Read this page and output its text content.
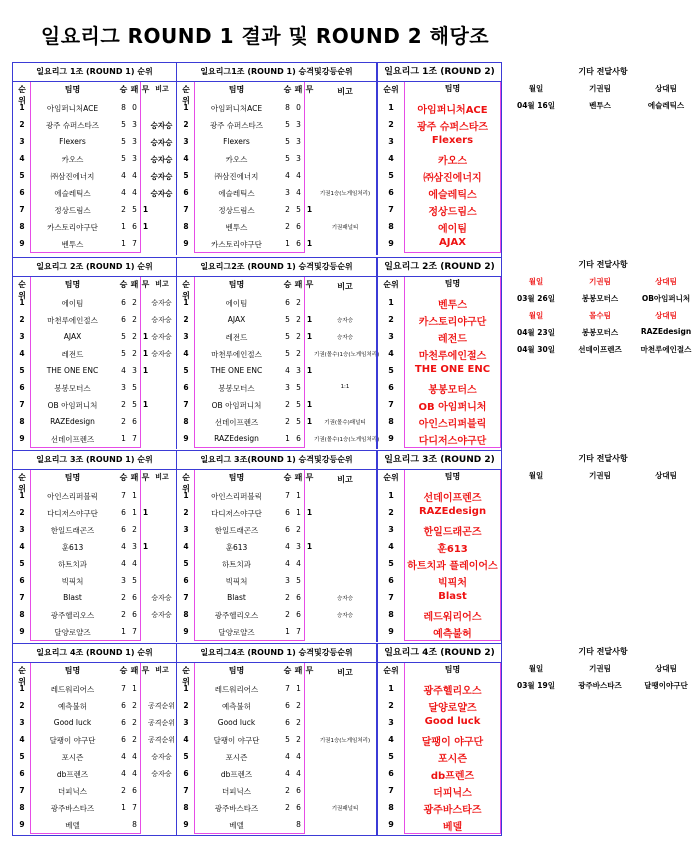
일요리그 ROUND 1 결과 및 ROUND 2 해당조
일요리그 1조 (ROUND 1) 순위
순위
팀명	승 패 무 비고
1	아임퍼니처ACE	8 0
2	광주 슈퍼스타즈	5 3	승자승
3	Flexers	5 3	승자승
4	카오스	5 3	승자승
5	㈜삼진에너지	4 4	승자승
6	에슬레틱스	4 4	승자승
7	정상드림스	2 5 1
8	카스토리야구단	1 6 1
9	벤투스	1 7
일요리그1조 (ROUND 1) 승격및강등순위
순위
팀명	승 패 무	비고
1	아임퍼니처ACE	8 0
2	광주 슈퍼스타즈	5 3
3	Flexers	5 3
4	카오스	5 3
5	㈜삼진에너지	4 4
6	에슬레틱스	3 4	기권1승(노게임처리)
7	정상드림스	2 5 1
8	벤투스	2 6	기권패널티
9	카스토리야구단	1 6 1
일요리그 1조 (ROUND 2)
순위	팀명
1	아임퍼니처ACE
2	광주 슈퍼스타즈
3	Flexers
4	카오스
5	㈜삼진에너지
6	에슬레틱스
7	정상드림스
8	에이팀
9	AJAX
일요리그 2조 (ROUND 1) 순위
순위
팀명	승 패 무 비고
1	에이팀	6 2	승자승
2	마천루에인절스	6 2	승자승
3	AJAX	5 2 1 승자승
4	레전드	5 2 1 승자승
5	THE ONE ENC	4 3 1
6	봉봉모터스	3 5
7	OB 아임퍼니처	2 5 1
8	RAZEdesign	2 6
9	선데이프렌즈	1 7
일요리그2조 (ROUND 1) 승격및강등순위
순위
팀명	승 패 무	비고
1	에이팀	6 2
2	AJAX	5 2 1	승자승
3	레전드	5 2 1	승자승
4	마천루에인절스	5 2	기권(몰수)1승(노게임처리)
5	THE ONE ENC	4 3 1
6	봉봉모터스	3 5	1:1
7	OB 아임퍼니처	2 5 1
8	선데이프렌즈	2 5 1	기권(몰수)패널티
9	RAZEdesign	1 6	기권(몰수)1승(노게임처리)
일요리그 2조 (ROUND 2)
순위	팀명
1	벤투스
2	카스토리야구단
3	레전드
4	마천루에인절스
5	THE ONE ENC
6	봉봉모터스
7	OB 아임퍼니처
8	아인스리퍼블릭
9	다디저스야구단
일요리그 3조 (ROUND 1) 순위
순위
팀명	승 패 무 비고
1	아인스리퍼블릭	7 1
2	다디저스야구단	6 1 1
3	한일드래곤즈	6 2
4	훈613	4 3 1
5	하트치과	4 4
6	빅픽처	3 5
7	Blast	2 6	승자승
8	광주헬리오스	2 6	승자승
9	달양로얄즈	1 7
일요리그 3조(ROUND 1) 승격및강등순위
순위
팀명	승 패 무	비고
1	아인스리퍼블릭	7 1
2	다디저스야구단	6 1 1
3	한일드래곤즈	6 2
4	훈613	4 3 1
5	하트치과	4 4
6	빅픽처	3 5
7	Blast	2 6	승자승
8	광주헬리오스	2 6	승자승
9	달양로얄즈	1 7
일요리그 3조 (ROUND 2)
순위	팀명
1	선데이프렌즈
2	RAZEdesign
3	한일드래곤즈
4	훈613
5	하트치과 플레이어스
6	빅픽처
7	Blast
8	레드워리어스
9	예측불허
일요리그 4조 (ROUND 1) 순위
순위
팀명	승 패 무 비고
1	레드워리어스	7 1
2	예측불허	6 2	공격순위
3	Good luck	6 2	공격순위
4	달팽이 야구단	6 2	공격순위
5	포시즌	4 4	승자승
6	db프렌즈	4 4	승자승
7	더피닉스	2 6
8	광주바스타즈	1 7
9	베델	8
일요리그4조 (ROUND 1) 승격및강등순위
순위
팀명	승 패 무	비고
1	레드워리어스	7 1
2	예측불허	6 2
3	Good luck	6 2
4	달팽이 야구단	5 2	기권1승(노게임처리)
5	포시즌	4 4
6	db프렌즈	4 4
7	더피닉스	2 6
8	광주바스타즈	2 6	기권패널티
9	베델	8
일요리그 4조 (ROUND 2)
순위	팀명
1	광주헬리오스
2	달양로얄즈
3	Good luck
4	달팽이 야구단
5	포시즌
6	db프렌즈
7	더피닉스
8	광주바스타즈
9	베델
기타 전달사항
월일	기권팀	상대팀
04월 16일	벤투스	에슬레틱스
기타 전달사항
월일	기권팀	상대팀
03월 26일	봉봉모터스	OB아임퍼니처
월일	몰수팀	상대팀
04월 23일	봉봉모터스	RAZEdesign
04월 30일	선데이프렌즈	마천루에인절스
기타 전달사항
월일	기권팀	상대팀
기타 전달사항
월일	기권팀	상대팀
03월 19일	광주바스타즈	달팽이야구단
